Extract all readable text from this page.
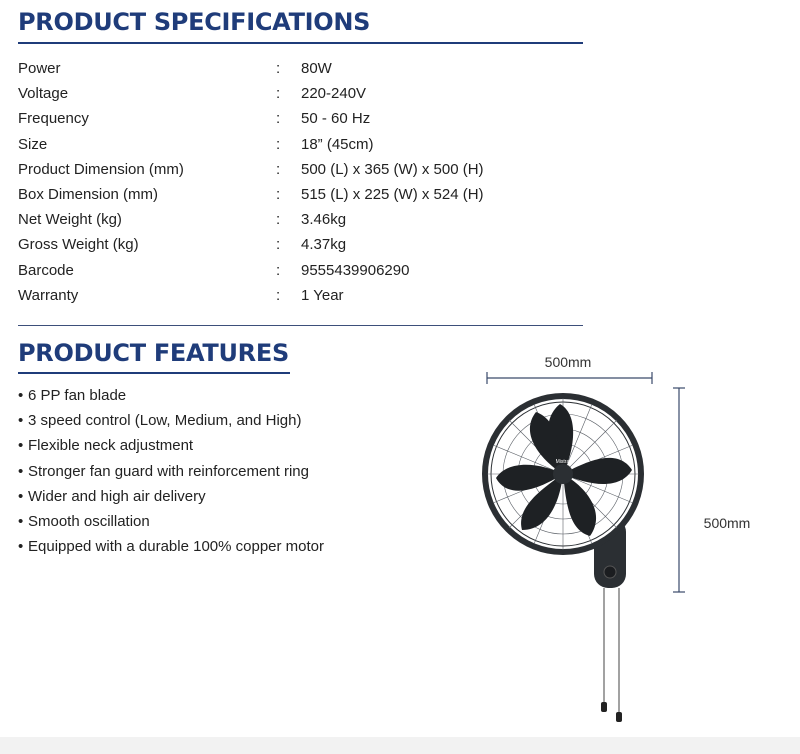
PRODUCT SPECIFICATIONS
Power	: 80W
Voltage	: 220-240V
Frequency	: 50 - 60 Hz
Size	: 18” (45cm)
Product Dimension (mm)	: 500 (L) x 365 (W) x 500 (H)
Box Dimension (mm)	: 515 (L) x 225 (W) x 524 (H)
Net Weight (kg)	: 3.46kg
Gross Weight (kg)	: 4.37kg
Barcode	: 9555439906290
Warranty	: 1 Year
PRODUCT FEATURES
• 6 PP fan blade
• 3 speed control (Low, Medium, and High)
• Flexible neck adjustment
• Stronger fan guard with reinforcement ring
• Wider and high air delivery
• Smooth oscillation
• Equipped with a durable 100% copper motor
500mm
500mm
Mistral
